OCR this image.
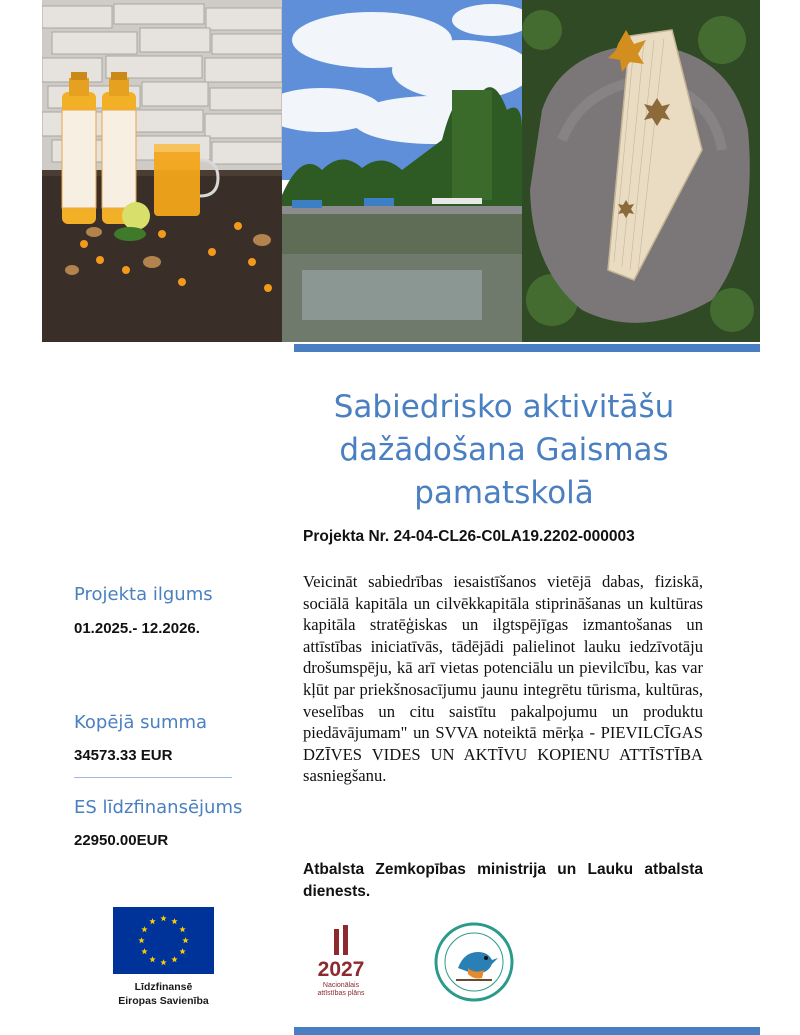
Sabiedrisko aktivitāšu
dažādošana Gaismas
pamatskolā
Projekta Nr. 24-04-CL26-C0LA19.2202-000003
Projekta ilgums
01.2025.- 12.2026.
Kopējā summa
34573.33 EUR
ES līdzfinansējums
22950.00EUR

Veicināt sabiedrības iesaistīšanos vietējā dabas, fiziskā, sociālā kapitāla un cilvēkkapitāla stiprināšanas un kultūras kapitāla stratēģiskas un ilgtspējīgas izmantošanas un attīstības iniciatīvās, tādējādi palielinot lauku iedzīvotāju drošumspēju, kā arī vietas potenciālu un pievilcību, kas var kļūt par priekšnosacījumu jaunu integrētu tūrisma, kultūras, veselības un citu saistītu pakalpojumu un produktu piedāvājumam" un SVVA noteiktā mērķa - PIEVILCĪGAS DZĪVES VIDES UN AKTĪVU KOPIENU ATTĪSTĪBA sasniegšanu.

Atbalsta Zemkopības ministrija un Lauku atbalsta dienests.

Līdzfinansē
Eiropas Savienība
2027
Nacionālais
attīstības plāns
